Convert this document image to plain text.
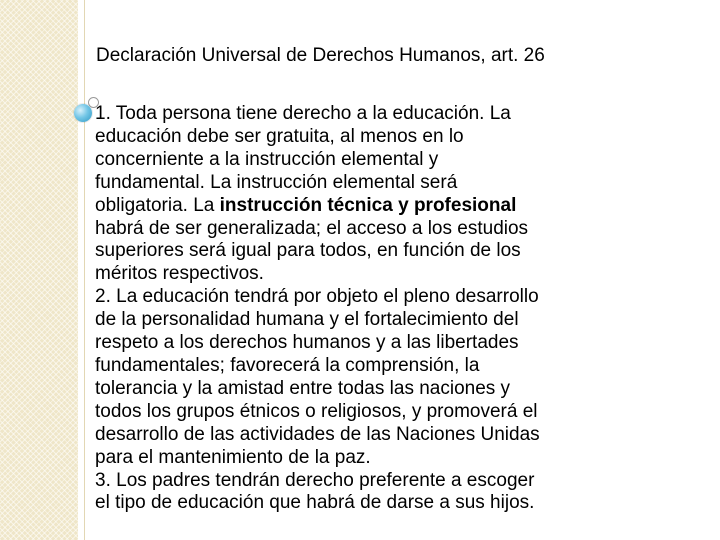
Declaración Universal de Derechos Humanos, art. 26
1. Toda persona tiene derecho a la educación. La
educación debe ser gratuita, al menos en lo
concerniente a la instrucción elemental y
fundamental. La instrucción elemental será
obligatoria. La instrucción técnica y profesional
habrá de ser generalizada; el acceso a los estudios
superiores será igual para todos, en función de los
méritos respectivos.
2. La educación tendrá por objeto el pleno desarrollo
de la personalidad humana y el fortalecimiento del
respeto a los derechos humanos y a las libertades
fundamentales; favorecerá la comprensión, la
tolerancia y la amistad entre todas las naciones y
todos los grupos étnicos o religiosos, y promoverá el
desarrollo de las actividades de las Naciones Unidas
para el mantenimiento de la paz.
3. Los padres tendrán derecho preferente a escoger
el tipo de educación que habrá de darse a sus hijos.
